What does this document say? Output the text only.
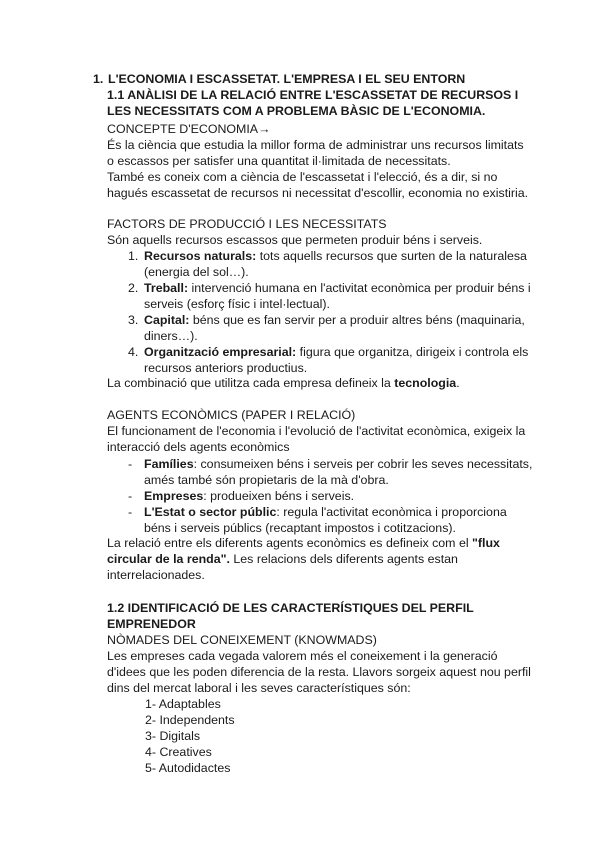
1. L'ECONOMIA I ESCASSETAT. L'EMPRESA I EL SEU ENTORN

1.1 ANÀLISI DE LA RELACIÓ ENTRE L'ESCASSETAT DE RECURSOS I

LES NECESSITATS COM A PROBLEMA BÀSIC DE L'ECONOMIA.

CONCEPTE D'ECONOMIA→

És la ciència que estudia la millor forma de administrar uns recursos limitats o escassos per satisfer una quantitat il·limitada de necessitats.

També es coneix com a ciència de l'escassetat i l'elecció, és a dir, si no hagués escassetat de recursos ni necessitat d'escollir, economia no existiria.

FACTORS DE PRODUCCIÓ I LES NECESSITATS

Són aquells recursos escassos que permeten produir béns i serveis.

1. Recursos naturals: tots aquells recursos que surten de la naturalesa (energia del sol…).
2. Treball: intervenció humana en l'activitat econòmica per produir béns i serveis (esforç físic i intel·lectual).
3. Capital: béns que es fan servir per a produir altres béns (maquinaria, diners…).
4. Organització empresarial: figura que organitza, dirigeix i controla els recursos anteriors productius.

La combinació que utilitza cada empresa defineix la tecnologia.

AGENTS ECONÒMICS (PAPER I RELACIÓ)

El funcionament de l'economia i l'evolució de l'activitat econòmica, exigeix la interacció dels agents econòmics

- Famílies: consumeixen béns i serveis per cobrir les seves necessitats, amés també són propietaris de la mà d'obra.
- Empreses: produeixen béns i serveis.
- L'Estat o sector públic: regula l'activitat econòmica i proporciona béns i serveis públics (recaptant impostos i cotitzacions).

La relació entre els diferents agents econòmics es defineix com el "flux circular de la renda". Les relacions dels diferents agents estan interrelacionades.

1.2 IDENTIFICACIÓ DE LES CARACTERÍSTIQUES DEL PERFIL

EMPRENEDOR

NÒMADES DEL CONEIXEMENT (KNOWMADS)

Les empreses cada vegada valorem més el coneixement i la generació d'idees que les poden diferencia de la resta. Llavors sorgeix aquest nou perfil dins del mercat laboral i les seves característiques són:

1- Adaptables

2- Independents

3- Digitals

4- Creatives

5- Autodidactes
